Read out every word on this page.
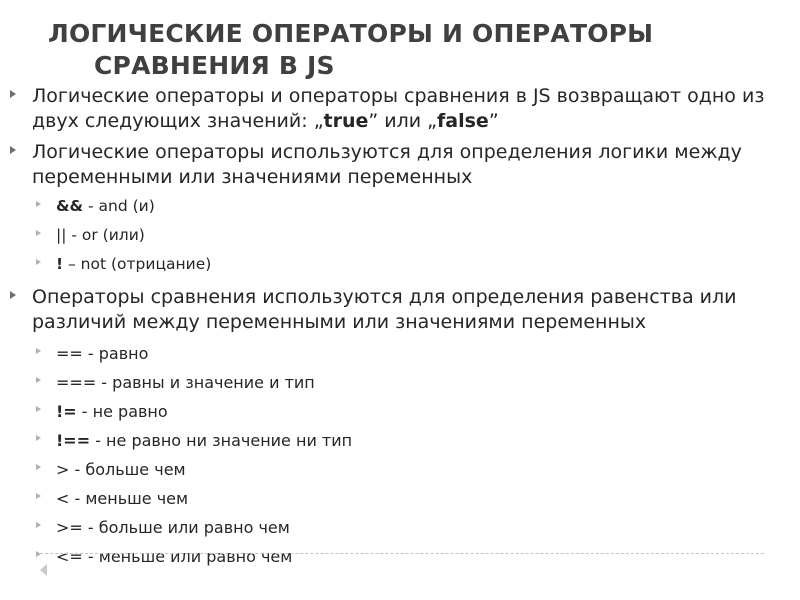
ЛОГИЧЕСКИЕ ОПЕРАТОРЫ И ОПЕРАТОРЫ
СРАВНЕНИЯ В JS
Логические операторы и операторы сравнения в JS возвращают одно из двух следующих значений: „true” или „false”
Логические операторы используются для определения логики между переменными или значениями переменных
&& - and (и)
|| - or (или)
! – not (отрицание)
Операторы сравнения используются для определения равенства или различий между переменными или значениями переменных
== - равно
=== - равны и значение и тип
!= - не равно
!== - не равно ни значение ни тип
> - больше чем
< - меньше чем
>= - больше или равно чем
<= - меньше или равно чем
